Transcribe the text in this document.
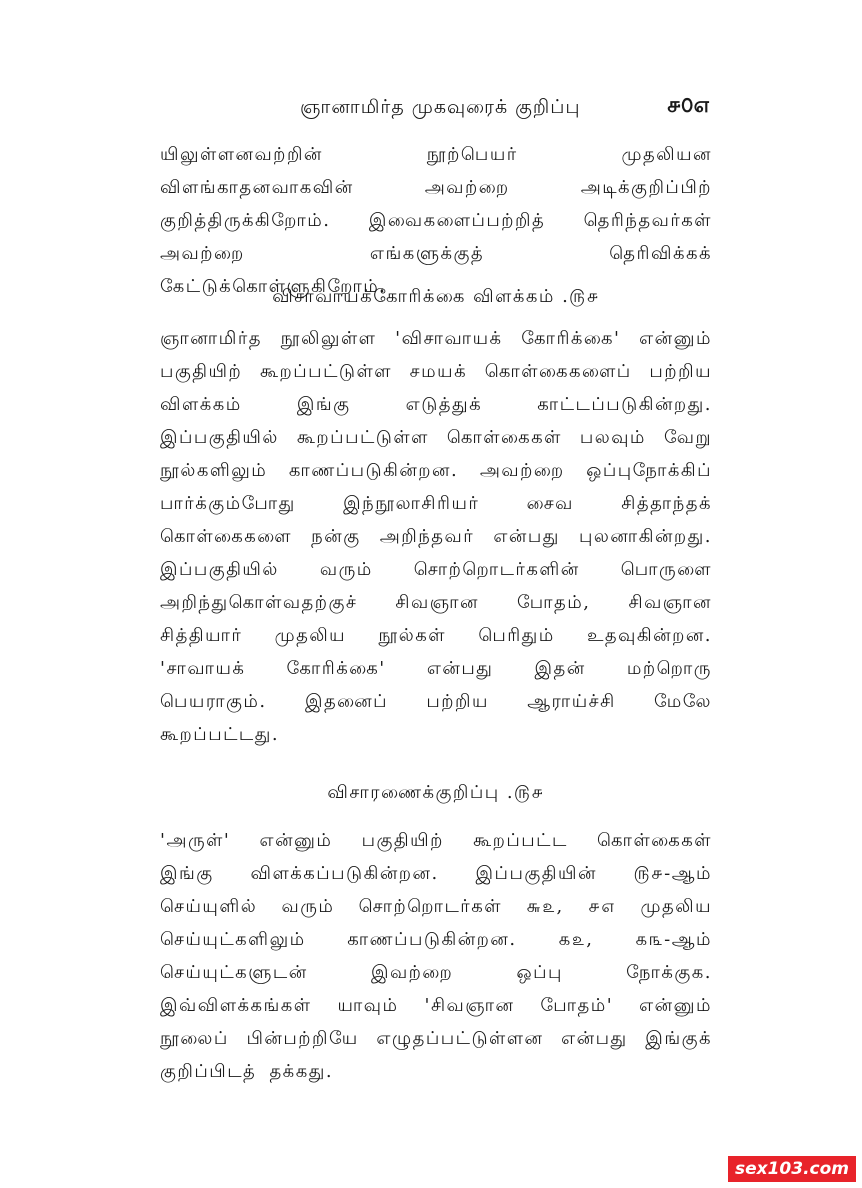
ஞானாமிர்த முகவுரைக் குறிப்பு	௪௦௭

யிலுள்ளனவற்றின் நூற்பெயர் முதலியன விளங்காதனவாகவின் அவற்றை அடிக்குறிப்பிற் குறித்திருக்கிறோம். இவைகளைப்பற்றித் தெரிந்தவர்கள் அவற்றை எங்களுக்குத் தெரிவிக்கக் கேட்டுக்கொள்ளுகிறோம்.

விசாவாயக்கோரிக்கை விளக்கம் .௫௪

ஞானாமிர்த நூலிலுள்ள 'விசாவாயக் கோரிக்கை' என்னும் பகுதியிற் கூறப்பட்டுள்ள சமயக் கொள்கைகளைப் பற்றிய விளக்கம் இங்கு எடுத்துக் காட்டப்படுகின்றது. இப்பகுதியில் கூறப்பட்டுள்ள கொள்கைகள் பலவும் வேறு நூல்களிலும் காணப்படுகின்றன. அவற்றை ஒப்புநோக்கிப் பார்க்கும்போது இந்நூலாசிரியர் சைவ சித்தாந்தக் கொள்கைகளை நன்கு அறிந்தவர் என்பது புலனாகின்றது. இப்பகுதியில் வரும் சொற்றொடர்களின் பொருளை அறிந்துகொள்வதற்குச் சிவஞான போதம், சிவஞான சித்தியார் முதலிய நூல்கள் பெரிதும் உதவுகின்றன. 'சாவாயக் கோரிக்கை' என்பது இதன் மற்றொரு பெயராகும். இதனைப் பற்றிய ஆராய்ச்சி மேலே கூறப்பட்டது.

விசாரணைக்குறிப்பு .௫௪

'அருள்' என்னும் பகுதியிற் கூறப்பட்ட கொள்கைகள் இங்கு விளக்கப்படுகின்றன. இப்பகுதியின் ௫௪-ஆம் செய்யுளில் வரும் சொற்றொடர்கள் ௬௨, ௪௭ முதலிய செய்யுட்களிலும் காணப்படுகின்றன. ௧௨, ௧௩-ஆம் செய்யுட்களுடன் இவற்றை ஒப்பு நோக்குக. இவ்விளக்கங்கள் யாவும் 'சிவஞான போதம்' என்னும் நூலைப் பின்பற்றியே எழுதப்பட்டுள்ளன என்பது இங்குக் குறிப்பிடத் தக்கது.

sex103.com
